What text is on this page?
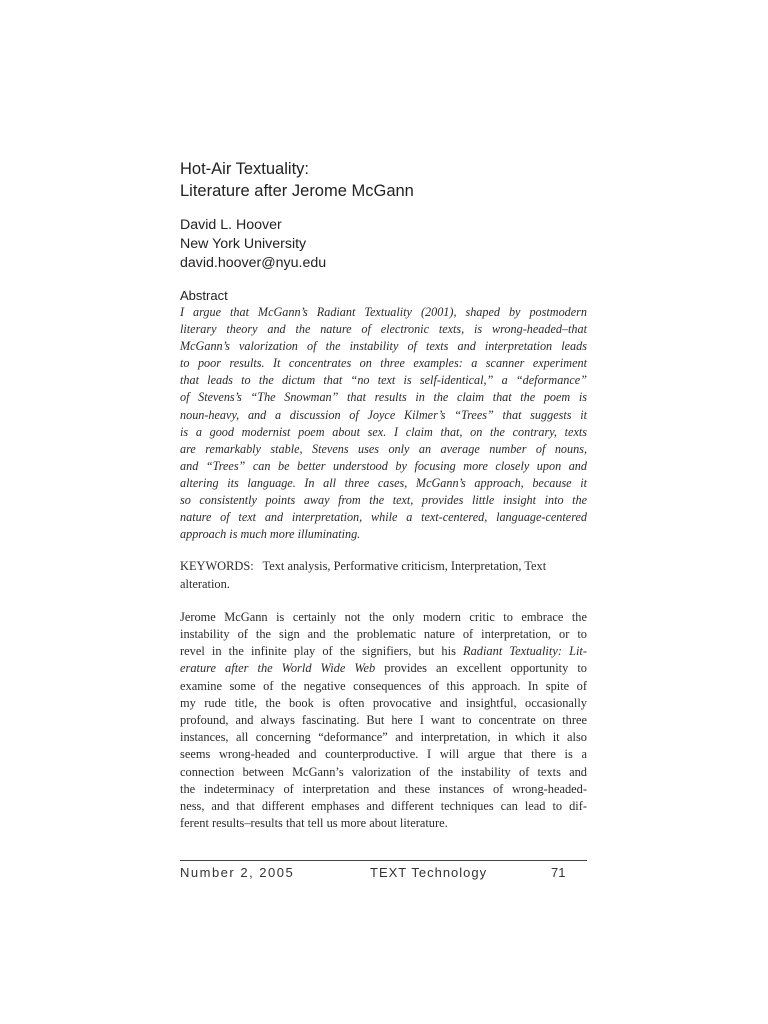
Hot-Air Textuality:
Literature after Jerome McGann
David L. Hoover
New York University
david.hoover@nyu.edu
Abstract
I argue that McGann’s Radiant Textuality (2001), shaped by postmodern
literary theory and the nature of electronic texts, is wrong-headed–that
McGann’s valorization of the instability of texts and interpretation leads
to poor results. It concentrates on three examples: a scanner experiment
that leads to the dictum that “no text is self-identical,” a “deformance”
of Stevens’s “The Snowman” that results in the claim that the poem is
noun-heavy, and a discussion of Joyce Kilmer’s “Trees” that suggests it
is a good modernist poem about sex. I claim that, on the contrary, texts
are remarkably stable, Stevens uses only an average number of nouns,
and “Trees” can be better understood by focusing more closely upon and
altering its language. In all three cases, McGann’s approach, because it
so consistently points away from the text, provides little insight into the
nature of text and interpretation, while a text-centered, language-centered
approach is much more illuminating.
KEYWORDS: Text analysis, Performative criticism, Interpretation, Text
alteration.
Jerome McGann is certainly not the only modern critic to embrace the
instability of the sign and the problematic nature of interpretation, or to
revel in the infinite play of the signifiers, but his Radiant Textuality: Lit-
erature after the World Wide Web provides an excellent opportunity to
examine some of the negative consequences of this approach. In spite of
my rude title, the book is often provocative and insightful, occasionally
profound, and always fascinating. But here I want to concentrate on three
instances, all concerning “deformance” and interpretation, in which it also
seems wrong-headed and counterproductive. I will argue that there is a
connection between McGann’s valorization of the instability of texts and
the indeterminacy of interpretation and these instances of wrong-headed-
ness, and that different emphases and different techniques can lead to dif-
ferent results–results that tell us more about literature.
Number 2, 2005	TEXT Technology	71
